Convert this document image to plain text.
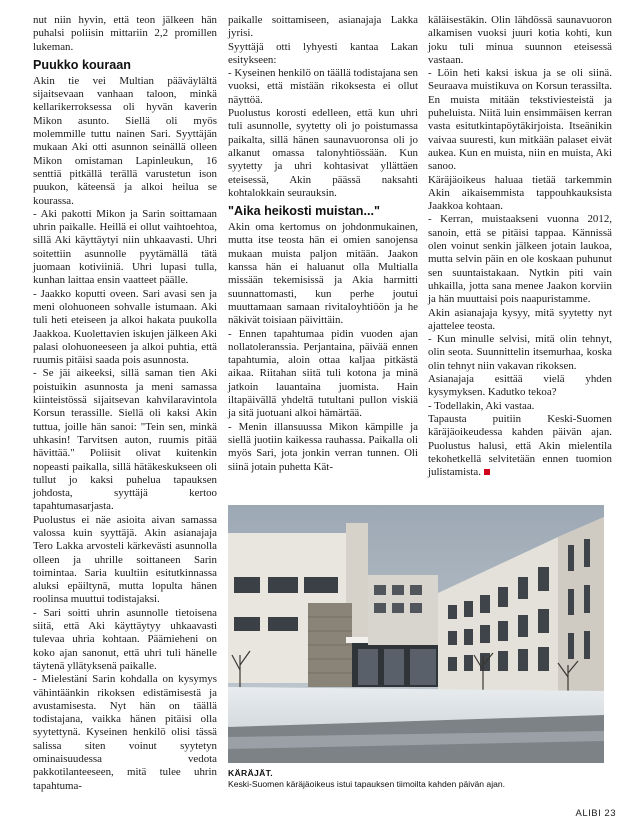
nut niin hyvin, että teon jälkeen hän puhalsi poliisin mittariin 2,2 promillen lukeman.

Puukko kouraan

Akin tie vei Multian pääväylältä sijaitsevaan vanhaan taloon, minkä kellarikerroksessa oli hyvän kaverin Mikon asunto. Siellä oli myös molemmille tuttu nainen Sari. Syyttäjän mukaan Aki otti asunnon seinällä olleen Mikon omistaman Lapinleukun, 16 senttiä pitkällä terällä varustetun ison puukon, käteensä ja alkoi heilua se kourassa.

- Aki pakotti Mikon ja Sarin soittamaan uhrin paikalle. Heillä ei ollut vaihtoehtoa, sillä Aki käyttäytyi niin uhkaavasti. Uhri soitettiin asunnolle pyytämällä tätä juomaan kotiviiniä. Uhri lupasi tulla, kunhan laittaa ensin vaatteet päälle.

- Jaakko koputti oveen. Sari avasi sen ja meni olohuoneen sohvalle istumaan. Aki tuli heti eteiseen ja alkoi hakata puukolla Jaakkoa. Kuolettavien iskujen jälkeen Aki palasi olohuoneeseen ja alkoi puhtia, että ruumis pitäisi saada pois asunnosta.

- Se jäi aikeeksi, sillä saman tien Aki poistuikin asunnosta ja meni samassa kiinteistössä sijaitsevan kahvilaravintola Korsun terassille. Siellä oli kaksi Akin tuttua, joille hän sanoi: "Tein sen, minkä uhkasin! Tarvitsen auton, ruumis pitää hävittää." Poliisit olivat kuitenkin nopeasti paikalla, sillä hätäkeskukseen oli tullut jo kaksi puhelua tapauksen johdosta, syyttäjä kertoo tapahtumasarjasta.

Puolustus ei näe asioita aivan samassa valossa kuin syyttäjä. Akin asianajaja Tero Lakka arvosteli kärkevästi asunnolla olleen ja uhrille soittaneen Sarin toimintaa. Saria kuultiin esitutkinnassa aluksi epäiltynä, mutta lopulta hänen roolinsa muuttui todistajaksi.

- Sari soitti uhrin asunnolle tietoisena siitä, että Aki käyttäytyy uhkaavasti tulevaa uhria kohtaan. Päämieheni on koko ajan sanonut, että uhri tuli hänelle täytenä yllätyksenä paikalle.

- Mielestäni Sarin kohdalla on kysymys vähintäänkin rikoksen edistämisestä ja avustamisesta. Nyt hän on täällä todistajana, vaikka hänen pitäisi olla syytettynä. Kyseinen henkilö olisi tässä salissa siten voinut syytetyn ominaisuudessa vedota pakkotilanteeseen, mitä tulee uhrin tapahtuma-

paikalle soittamiseen, asianajaja Lakka jyrisi.

Syyttäjä otti lyhyesti kantaa Lakan esitykseen:

- Kyseinen henkilö on täällä todistajana sen vuoksi, että mistään rikoksesta ei ollut näyttöä.

Puolustus korosti edelleen, että kun uhri tuli asunnolle, syytetty oli jo poistumassa paikalta, sillä hänen saunavuoronsa oli jo alkanut omassa talonyhtiössään. Kun syytetty ja uhri kohtasivat yllättäen eteisessä, Akin päässä naksahti kohtalokkain seurauksin.

"Aika heikosti muistan..."

Akin oma kertomus on johdonmukainen, mutta itse teosta hän ei omien sanojensa mukaan muista paljon mitään. Jaakon kanssa hän ei haluanut olla Multialla missään tekemisissä ja Akia harmitti suunnattomasti, kun perhe joutui muuttamaan samaan rivitaloyhtiöön ja he näkivät toisiaan päivittäin.

- Ennen tapahtumaa pidin vuoden ajan nollatoleranssia. Perjantaina, päivää ennen tapahtumia, aloin ottaa kaljaa pitkästä aikaa. Riitahan siitä tuli kotona ja minä jatkoin lauantaina juomista. Hain iltapäivällä yhdeltä tutultani pullon viskiä ja sitä juotuani alkoi hämärtää.

- Menin illansuussa Mikon kämpille ja siellä juotiin kaikessa rauhassa. Paikalla oli myös Sari, jota jonkin verran tunnen. Oli siinä jotain puhetta Kät-

käläisestäkin. Olin lähdössä saunavuoron alkamisen vuoksi juuri kotia kohti, kun joku tuli minua suunnon eteisessä vastaan.

- Löin heti kaksi iskua ja se oli siinä. Seuraava muistikuva on Korsun terassilta. En muista mitään tekstiviesteistä ja puheluista. Niitä luin ensimmäisen kerran vasta esitutkintapöytäkirjoista. Itseänikin vaivaa suuresti, kun mitkään palaset eivät aukea. Kun en muista, niin en muista, Aki sanoo.

Käräjäoikeus haluaa tietää tarkemmin Akin aikaisemmista tappouhkauksista Jaakkoa kohtaan.

- Kerran, muistaakseni vuonna 2012, sanoin, että se pitäisi tappaa. Kännissä olen voinut senkin jälkeen jotain laukoa, mutta selvin päin en ole koskaan puhunut sen suuntaistakaan. Nytkin piti vain uhkailla, jotta sana menee Jaakon korviin ja hän muuttaisi pois naapuristamme.

Akin asianajaja kysyy, mitä syytetty nyt ajattelee teosta.

- Kun minulle selvisi, mitä olin tehnyt, olin seota. Suunnittelin itsemurhaa, koska olin tehnyt niin vakavan rikoksen.

Asianajaja esittää vielä yhden kysymyksen. Kadutko tekoa?

- Todellakin, Aki vastaa.

Tapausta puitiin Keski-Suomen käräjäoikeudessa kahden päivän ajan. Puolustus halusi, että Akin mielentila tekohetkellä selvitetään ennen tuomion julistamista.

KÄRÄJÄT.
Keski-Suomen käräjäoikeus istui tapauksen tiimoilta kahden päivän ajan.
ALIBI 23
